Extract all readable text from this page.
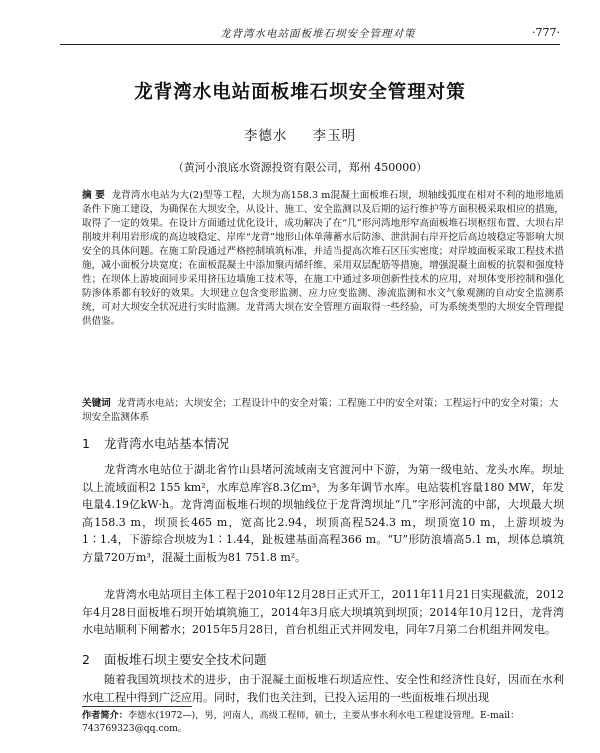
龙背湾水电站面板堆石坝安全管理对策	·777·
龙背湾水电站面板堆石坝安全管理对策
李德水 李玉明
（黄河小浪底水资源投资有限公司，郑州 450000）
摘 要 龙背湾水电站为大(2)型等工程，大坝为高158.3 m混凝土面板堆石坝，坝轴线弧度在相对不利的地形地质条件下施工建设，为确保在大坝安全，从设计、施工、安全监测以及后期的运行维护等方面积极采取相应的措施，取得了一定的效果。在设计方面通过优化设计，成功解决了在“几”形河湾地形窄高面板堆石坝枢纽布置、大坝右岸削坡并利用岩形成的高边坡稳定、岸库“龙背”地形山体单薄蓄水后防渗、泄洪洞右岸开挖后高边坡稳定等影响大坝安全的具体问题。在施工阶段通过严格控制填筑标准，并适当提高次堆石区压实密度；对岸坡面板采取工程技术措施，减小面板分块宽度；在面板混凝土中添加聚丙烯纤维、采用双层配筋等措施，增强混凝土面板的抗裂和强度特性；在坝体上游坡面同步采用挤压边墙施工技术等，在施工中通过多项创新性技术的应用，对坝体变形控制和强化防渗体系都有较好的效果。大坝建立包含变形监测、应力应变监测、渗流监测和水文气象观测的自动安全监测系统，可对大坝安全状况进行实时监测。龙背湾大坝在安全管理方面取得一些经验，可为系统类型的大坝安全管理提供借鉴。
关键词 龙背湾水电站；大坝安全；工程设计中的安全对策；工程施工中的安全对策；工程运行中的安全对策；大坝安全监测体系
1 龙背湾水电站基本情况
龙背湾水电站位于湖北省竹山县堵河流域南支官渡河中下游，为第一级电站、龙头水库。坝址以上流域面积2 155 km²，水库总库容8.3亿m³，为多年调节水库。电站装机容量180 MW，年发电量4.19亿kW·h。龙背湾面板堆石坝的坝轴线位于龙背湾坝址“几”字形河流的中部，大坝最大坝高158.3 m，坝顶长465 m，宽高比2.94，坝顶高程524.3 m，坝顶宽10 m，上游坝坡为1∶1.4，下游综合坝坡为1∶1.44，趾板建基面高程366 m。“U”形防浪墙高5.1 m，坝体总填筑方量720万m³，混凝土面板为81 751.8 m²。
龙背湾水电站项目主体工程于2010年12月28日正式开工，2011年11月21日实现截流，2012年4月28日面板堆石坝开始填筑施工，2014年3月底大坝填筑到坝顶；2014年10月12日，龙背湾水电站顺利下闸蓄水；2015年5月28日，首台机组正式并网发电，同年7月第二台机组并网发电。
2 面板堆石坝主要安全技术问题
随着我国筑坝技术的进步，由于混凝土面板堆石坝适应性、安全性和经济性良好，因而在水利水电工程中得到广泛应用。同时，我们也关注到，已投入运用的一些面板堆石坝出现
作者简介：李德水(1972—)，男，河南人，高级工程师，硕士，主要从事水利水电工程建设管理。E-mail：743769323@qq.com。
